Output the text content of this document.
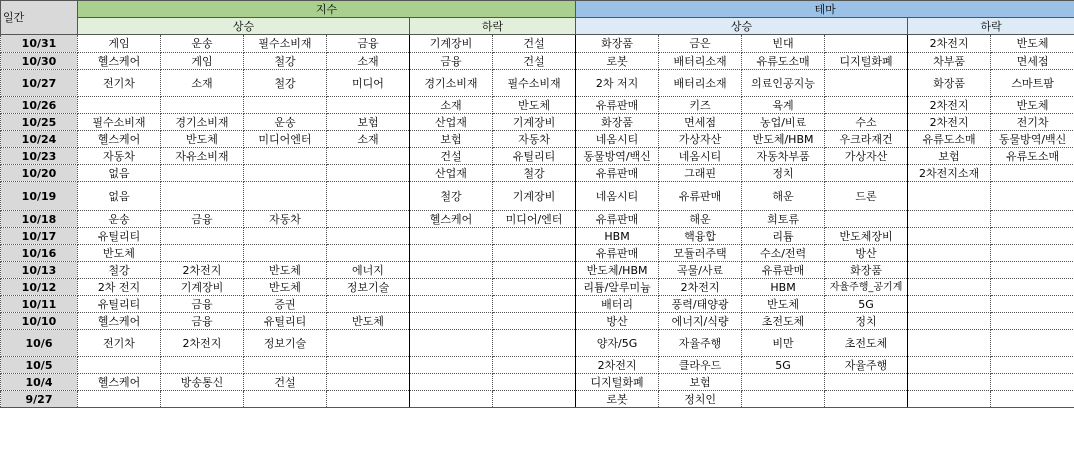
일간	지수						테마					
	상승				하락		상승				하락	
10/31	게임	운송	필수소비재	금융	기계장비	건설	화장품	금은	빈대		2차전지	반도체
10/30	헬스케어	게임	철강	소재	금융	건설	로봇	배터리소재	유류도소매	디지털화폐	차부품	면세점
10/27	전기차	소재	철강	미디어	경기소비재	필수소비재	2차 저지	배터리소재	의료인공지능		화장품	스마트팜
10/26					소재	반도체	유류판매	키즈	육계		2차전지	반도체
10/25	필수소비재	경기소비재	운송	보험	산업재	기계장비	화장품	면세점	농업/비료	수소	2차전지	전기차
10/24	헬스케어	반도체	미디어엔터	소재	보험	자동차	네옴시티	가상자산	반도체/HBM	우크라재건	유류도소매	동물방역/백신
10/23	자동차	자유소비재			건설	유틸리티	동물방역/백신	네옴시티	자동차부품	가상자산	보험	유류도소매
10/20	없음				산업재	철강	유류판매	그래핀	정치		2차전지소재	
10/19	없음				철강	기계장비	네옴시티	유류판매	해운	드론		
10/18	운송	금융	자동차		헬스케어	미디어/엔터	유류판매	해운	희토류			
10/17	유틸리티						HBM	핵융합	리튬	반도체장비		
10/16	반도체						유류판매	모듈러주택	수소/전력	방산		
10/13	철강	2차전지	반도체	에너지			반도체/HBM	곡물/사료	유류판매	화장품		
10/12	2차 전지	기계장비	반도체	정보기술			리튬/알루미늄	2차전지	HBM	자율주행_공기계		
10/11	유틸리티	금융	증권				배터리	풍력/태양광	반도체	5G		
10/10	헬스케어	금융	유틸리티	반도체			방산	에너지/식량	초전도체	정치		
10/6	전기차	2차전지	정보기술				양자/5G	자율주행	비만	초전도체		
10/5							2차전지	클라우드	5G	자율주행		
10/4	헬스케어	방송통신	건설				디지털화폐	보험				
9/27							로봇	정치인				
